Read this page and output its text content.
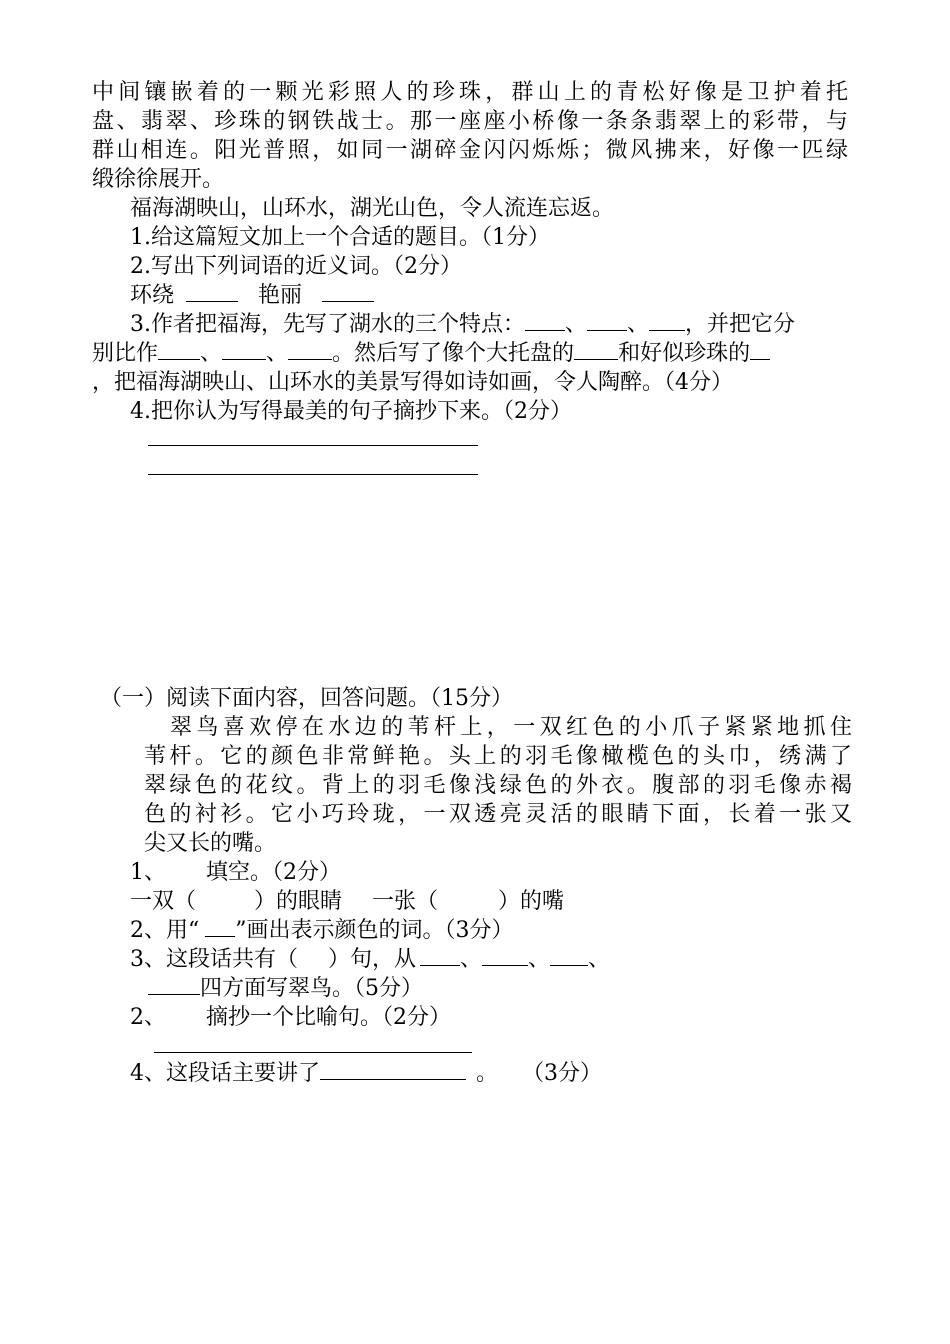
中间镶嵌着的一颗光彩照人的珍珠，群山上的青松好像是卫护着托
盘、翡翠、珍珠的钢铁战士。那一座座小桥像一条条翡翠上的彩带，与
群山相连。阳光普照，如同一湖碎金闪闪烁烁；微风拂来，好像一匹绿
缎徐徐展开。
福海湖映山，山环水，湖光山色，令人流连忘返。
1.给这篇短文加上一个合适的题目。（1分）
2.写出下列词语的近义词。（2分）
环绕	艳丽
3.作者把福海，先写了湖水的三个特点： 、 、 ，并把它分
别比作 、 、 。然后写了像个大托盘的 和好似珍珠的
，把福海湖映山、山环水的美景写得如诗如画，令人陶醉。（4分）
4.把你认为写得最美的句子摘抄下来。（2分）
（一）阅读下面内容，回答问题。（15分）
翠鸟喜欢停在水边的苇杆上，一双红色的小爪子紧紧地抓住
苇杆。它的颜色非常鲜艳。头上的羽毛像橄榄色的头巾，绣满了
翠绿色的花纹。背上的羽毛像浅绿色的外衣。腹部的羽毛像赤褐
色的衬衫。它小巧玲珑，一双透亮灵活的眼睛下面，长着一张又
尖又长的嘴。
1、 填空。（2分）
一双（	）的眼睛 一张（	）的嘴
2、用“ ”画出表示颜色的词。（3分）
3、这段话共有（ ）句，从 、 、 、
四方面写翠鸟。（5分）
2、 摘抄一个比喻句。（2分）
4、这段话主要讲了	。 （3分）
